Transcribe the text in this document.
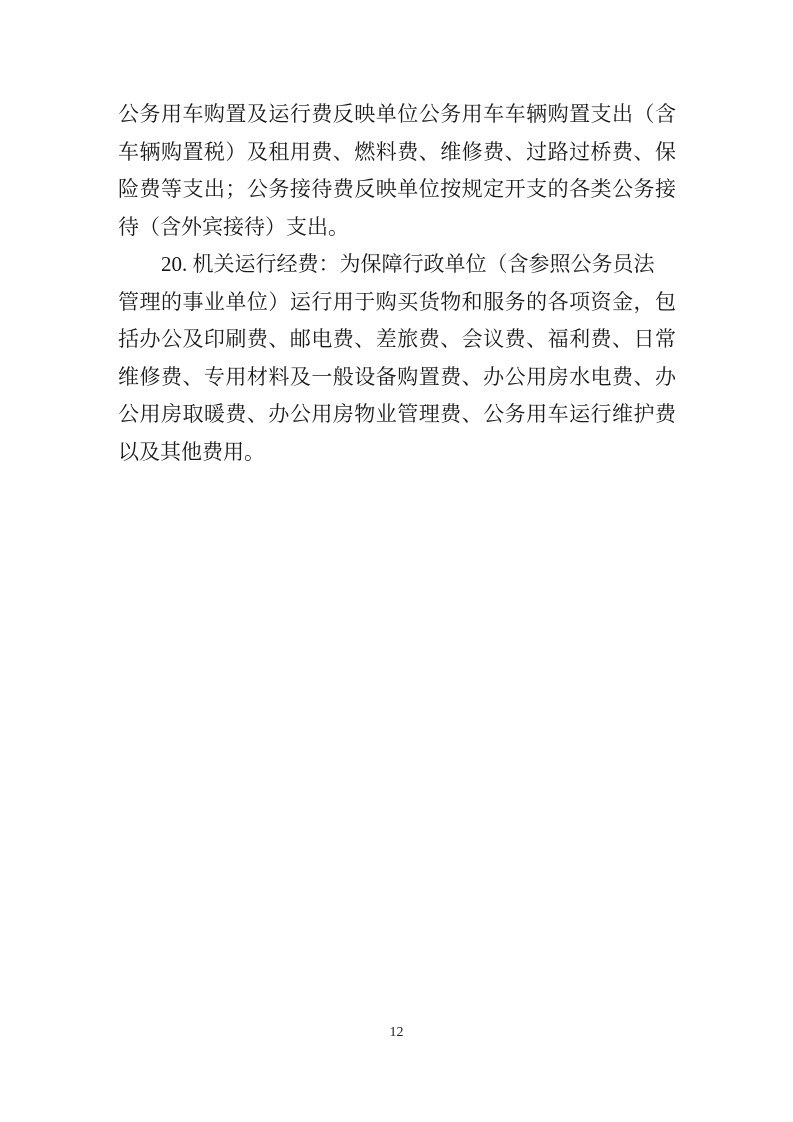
公务用车购置及运行费反映单位公务用车车辆购置支出（含
车辆购置税）及租用费、燃料费、维修费、过路过桥费、保
险费等支出；公务接待费反映单位按规定开支的各类公务接
待（含外宾接待）支出。
20. 机关运行经费：为保障行政单位（含参照公务员法
管理的事业单位）运行用于购买货物和服务的各项资金，包
括办公及印刷费、邮电费、差旅费、会议费、福利费、日常
维修费、专用材料及一般设备购置费、办公用房水电费、办
公用房取暖费、办公用房物业管理费、公务用车运行维护费
以及其他费用。
12
